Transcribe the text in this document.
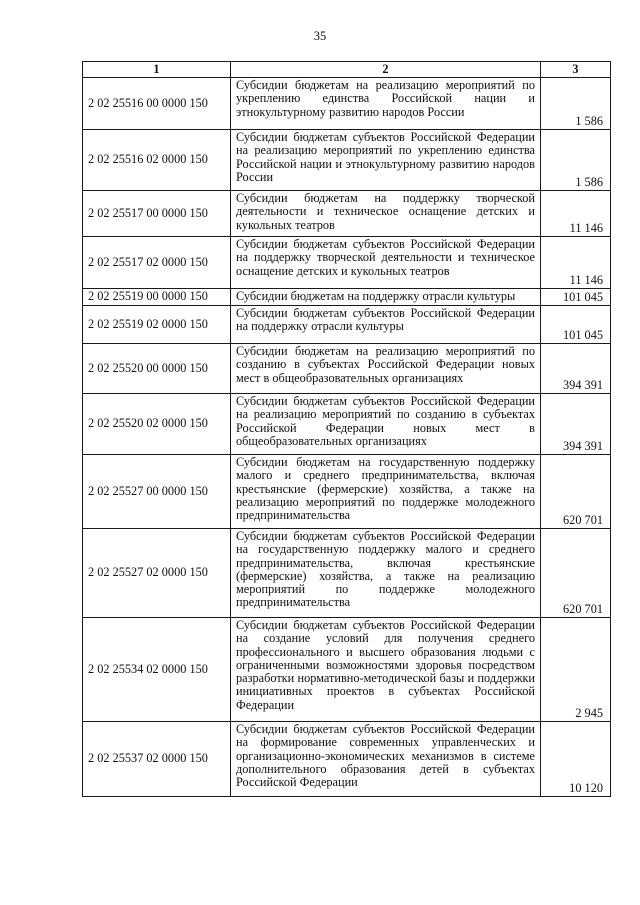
35
1	2	3
2 02 25516 00 0000 150	Субсидии бюджетам на реализацию мероприятий по укреплению единства Российской нации и этнокультурному развитию народов России	1 586
2 02 25516 02 0000 150	Субсидии бюджетам субъектов Российской Федерации на реализацию мероприятий по укреплению единства Российской нации и этнокультурному развитию народов России	1 586
2 02 25517 00 0000 150	Субсидии бюджетам на поддержку творческой деятельности и техническое оснащение детских и кукольных театров	11 146
2 02 25517 02 0000 150	Субсидии бюджетам субъектов Российской Федерации на поддержку творческой деятельности и техническое оснащение детских и кукольных театров	11 146
2 02 25519 00 0000 150	Субсидии бюджетам на поддержку отрасли культуры	101 045
2 02 25519 02 0000 150	Субсидии бюджетам субъектов Российской Федерации на поддержку отрасли культуры	101 045
2 02 25520 00 0000 150	Субсидии бюджетам на реализацию мероприятий по созданию в субъектах Российской Федерации новых мест в общеобразовательных организациях	394 391
2 02 25520 02 0000 150	Субсидии бюджетам субъектов Российской Федерации на реализацию мероприятий по созданию в субъектах Российской Федерации новых мест в общеобразовательных организациях	394 391
2 02 25527 00 0000 150	Субсидии бюджетам на государственную поддержку малого и среднего предпринимательства, включая крестьянские (фермерские) хозяйства, а также на реализацию мероприятий по поддержке молодежного предпринимательства	620 701
2 02 25527 02 0000 150	Субсидии бюджетам субъектов Российской Федерации на государственную поддержку малого и среднего предпринимательства, включая крестьянские (фермерские) хозяйства, а также на реализацию мероприятий по поддержке молодежного предпринимательства	620 701
2 02 25534 02 0000 150	Субсидии бюджетам субъектов Российской Федерации на создание условий для получения среднего профессионального и высшего образования людьми с ограниченными возможностями здоровья посредством разработки нормативно-методической базы и поддержки инициативных проектов в субъектах Российской Федерации	2 945
2 02 25537 02 0000 150	Субсидии бюджетам субъектов Российской Федерации на формирование современных управленческих и организационно-экономических механизмов в системе дополнительного образования детей в субъектах Российской Федерации	10 120
